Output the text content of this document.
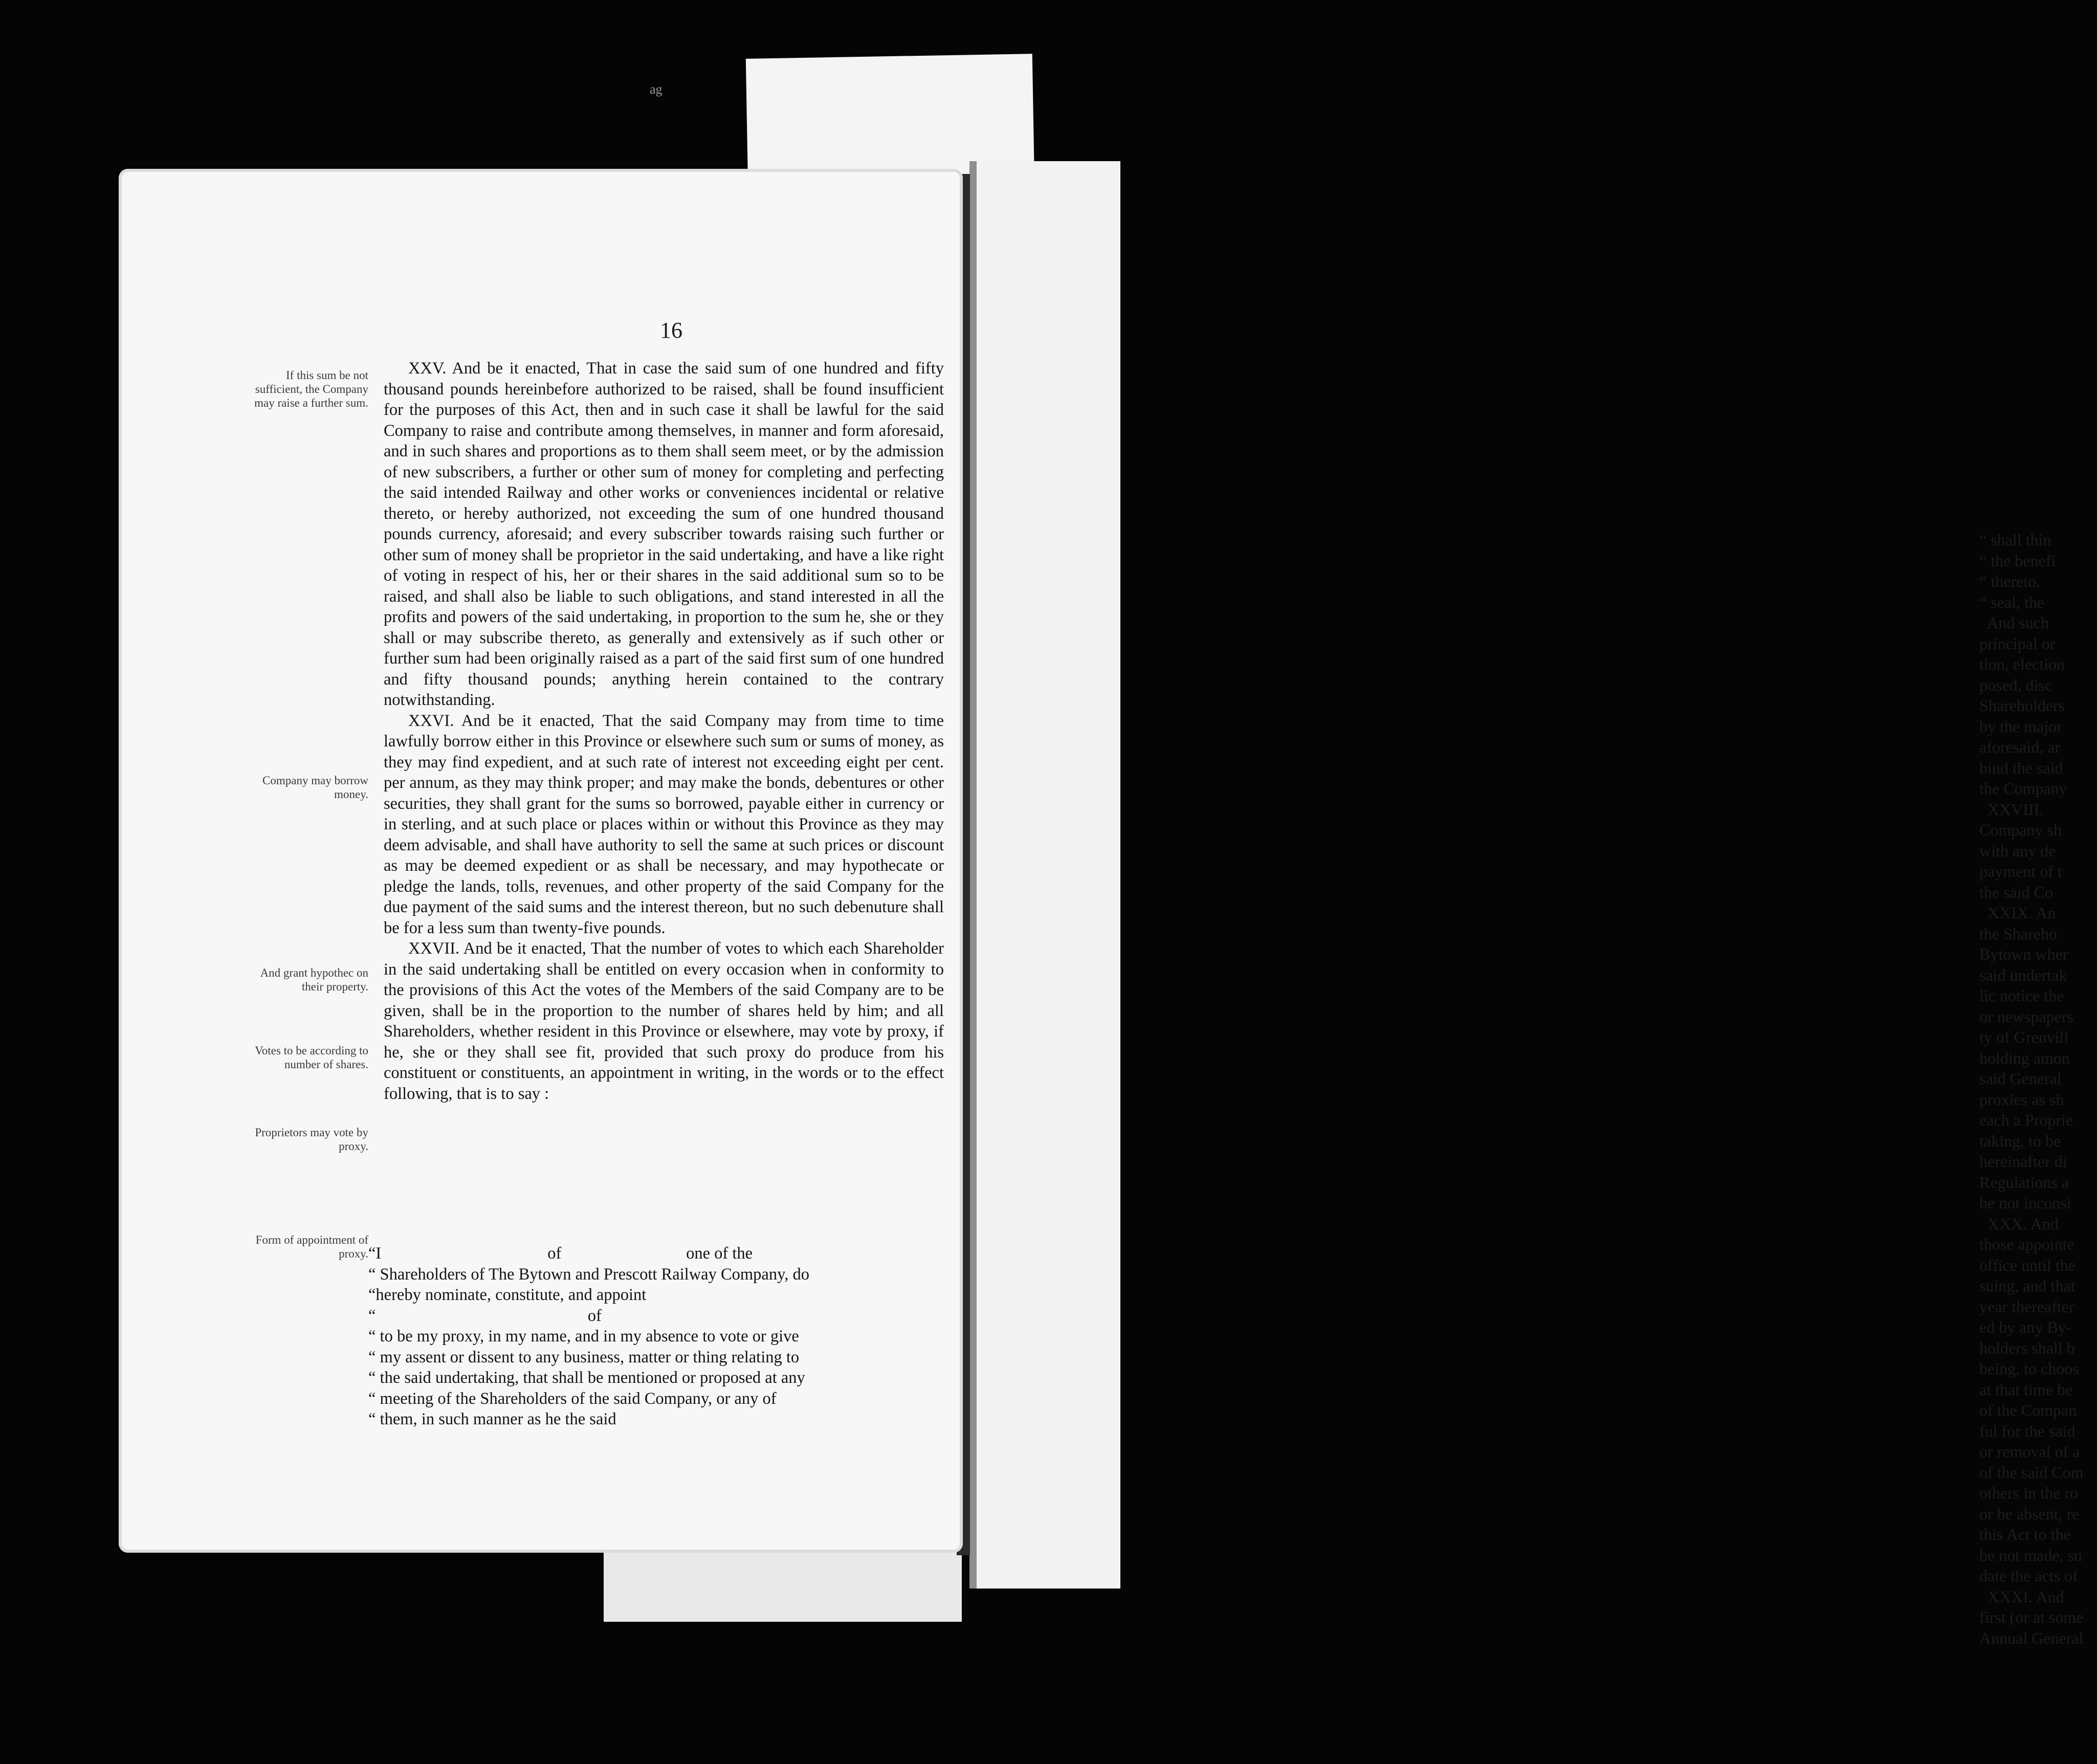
“ shall thin
“ the benefi
“ thereto.
“ seal, the
And such
principal or
tion, election
posed, disc
Shareholders
by the major
aforesaid, ar
bind the said
the Company
XXVIII.
Company sh
with any de
payment of t
the said Co
XXIX. An
the Shareho
Bytown wher
said undertak
lic notice the
or newspapers
ty of Grenvill
holding amon
said General
proxies as sh
each a Proprie
taking, to be
hereinafter di
Regulations a
be not inconsi
XXX. And
those appointe
office until the
suing, and that
year thereafter
ed by any By-
holders shall b
being, to choos
at that time be
of the Compan
ful for the said
or removal of a
of the said Com
others in the ro
or be absent, re
this Act to the
be not made, su
date the acts of
XXXI. And
first (or at some
Annual General
ag
16
If this sum be not sufficient, the Company may raise a further sum.
Company may borrow money.
And grant hypothec on their property.
Votes to be according to number of shares.
Proprietors may vote by proxy.
Form of appointment of proxy.

XXV. And be it enacted, That in case the said sum of one hundred and fifty thousand pounds hereinbefore authorized to be raised, shall be found insufficient for the purposes of this Act, then and in such case it shall be lawful for the said Company to raise and contribute among themselves, in manner and form aforesaid, and in such shares and proportions as to them shall seem meet, or by the admission of new subscribers, a further or other sum of money for completing and perfecting the said intended Railway and other works or conveniences incidental or relative thereto, or hereby authorized, not exceeding the sum of one hundred thousand pounds currency, aforesaid; and every subscriber towards raising such further or other sum of money shall be proprietor in the said undertaking, and have a like right of voting in respect of his, her or their shares in the said additional sum so to be raised, and shall also be liable to such obligations, and stand interested in all the profits and powers of the said undertaking, in proportion to the sum he, she or they shall or may subscribe thereto, as generally and extensively as if such other or further sum had been originally raised as a part of the said first sum of one hundred and fifty thousand pounds; anything herein contained to the contrary notwithstanding.

XXVI. And be it enacted, That the said Company may from time to time lawfully borrow either in this Province or elsewhere such sum or sums of money, as they may find expedient, and at such rate of interest not exceeding eight per cent. per annum, as they may think proper; and may make the bonds, debentures or other securities, they shall grant for the sums so borrowed, payable either in currency or in sterling, and at such place or places within or without this Province as they may deem advisable, and shall have authority to sell the same at such prices or discount as may be deemed expedient or as shall be necessary, and may hypothecate or pledge the lands, tolls, revenues, and other property of the said Company for the due payment of the said sums and the interest thereon, but no such debenuture shall be for a less sum than twenty-five pounds.

XXVII. And be it enacted, That the number of votes to which each Shareholder in the said undertaking shall be entitled on every occasion when in conformity to the provisions of this Act the votes of the Members of the said Company are to be given, shall be in the proportion to the number of shares held by him; and all Shareholders, whether resident in this Province or elsewhere, may vote by proxy, if he, she or they shall see fit, provided that such proxy do produce from his constituent or constituents, an appointment in writing, in the words or to the effect following, that is to say :

“I                                        of                              one of the
“ Shareholders of The Bytown and Prescott Railway Company, do
“hereby nominate, constitute, and appoint
“                                                   of
“ to be my proxy, in my name, and in my absence to vote or give
“ my assent or dissent to any business, matter or thing relating to
“ the said undertaking, that shall be mentioned or proposed at any
“ meeting of the Shareholders of the said Company, or any of
“ them, in such manner as he the said
